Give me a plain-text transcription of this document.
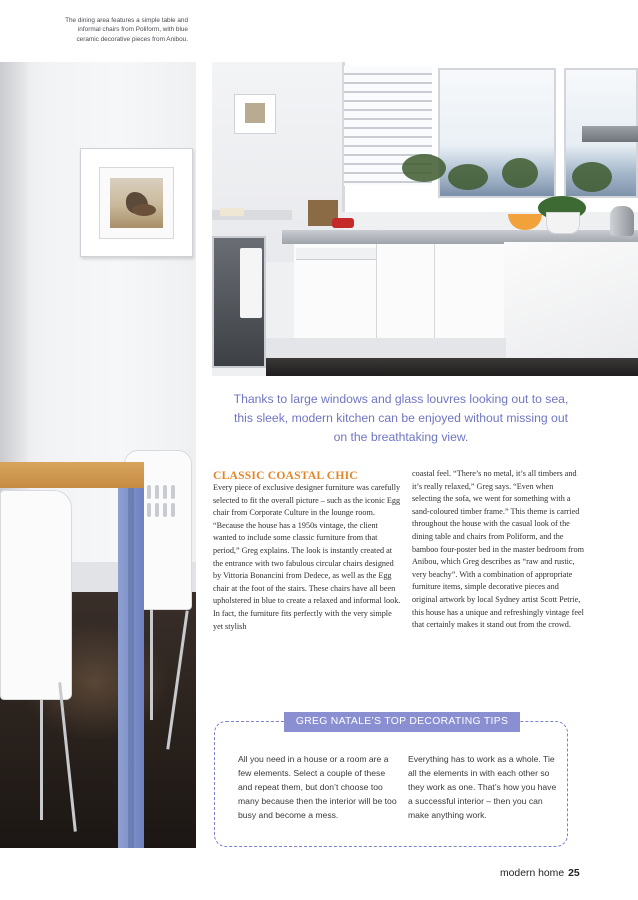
The dining area features a simple table and informal chairs from Poliform, with blue ceramic decorative pieces from Anibou.
Thanks to large windows and glass louvres looking out to sea, this sleek, modern kitchen can be enjoyed without missing out on the breathtaking view.
CLASSIC COASTAL CHIC
Every piece of exclusive designer furniture was carefully selected to fit the overall picture – such as the iconic Egg chair from Corporate Culture in the lounge room. “Because the house has a 1950s vintage, the client wanted to include some classic furniture from that period,” Greg explains. The look is instantly created at the entrance with two fabulous circular chairs designed by Vittoria Bonancini from Dedece, as well as the Egg chair at the foot of the stairs. These chairs have all been upholstered in blue to create a relaxed and informal look. In fact, the furniture fits perfectly with the very simple yet stylish
coastal feel. “There’s no metal, it’s all timbers and it’s really relaxed,” Greg says. “Even when selecting the sofa, we went for something with a sand-coloured timber frame.” This theme is carried throughout the house with the casual look of the dining table and chairs from Poliform, and the bamboo four-poster bed in the master bedroom from Anibou, which Greg describes as “raw and rustic, very beachy”. With a combination of appropriate furniture items, simple decorative pieces and original artwork by local Sydney artist Scott Petrie, this house has a unique and refreshingly vintage feel that certainly makes it stand out from the crowd.
GREG NATALE’S TOP DECORATING TIPS
All you need in a house or a room are a few elements. Select a couple of these and repeat them, but don’t choose too many because then the interior will be too busy and become a mess.
Everything has to work as a whole. Tie all the elements in with each other so they work as one. That’s how you have a successful interior – then you can make anything work.
modern home 25
